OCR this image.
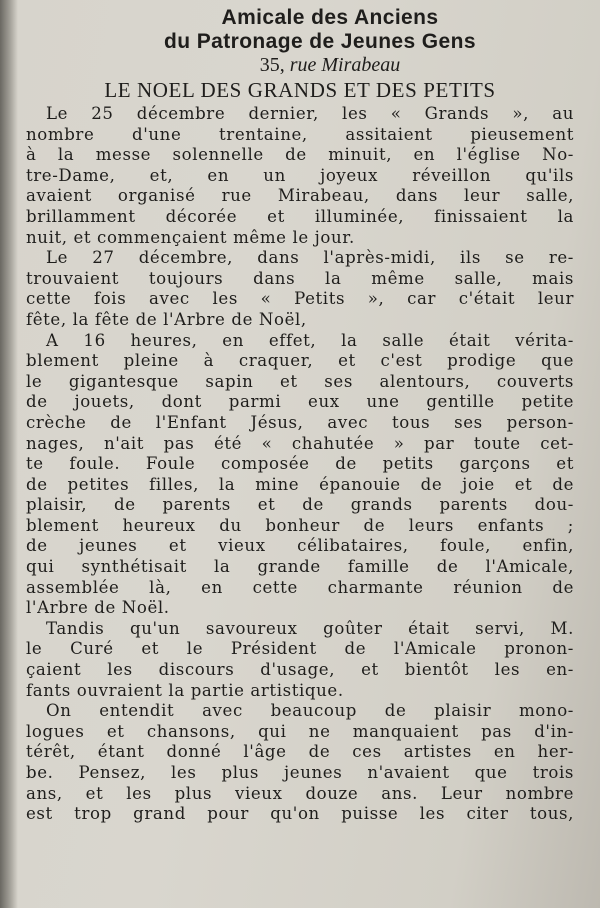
Amicale des Anciens

du Patronage de Jeunes Gens

35, rue Mirabeau

LE NOEL DES GRANDS ET DES PETITS

Le 25 décembre dernier, les « Grands », au
nombre d'une trentaine, assitaient pieusement
à la messe solennelle de minuit, en l'église No-
tre-Dame, et, en un joyeux réveillon qu'ils
avaient organisé rue Mirabeau, dans leur salle,
brillamment décorée et illuminée, finissaient la
nuit, et commençaient même le jour.
Le 27 décembre, dans l'après-midi, ils se re-
trouvaient toujours dans la même salle, mais
cette fois avec les « Petits », car c'était leur
fête, la fête de l'Arbre de Noël,
A 16 heures, en effet, la salle était vérita-
blement pleine à craquer, et c'est prodige que
le gigantesque sapin et ses alentours, couverts
de jouets, dont parmi eux une gentille petite
crèche de l'Enfant Jésus, avec tous ses person-
nages, n'ait pas été « chahutée » par toute cet-
te foule. Foule composée de petits garçons et
de petites filles, la mine épanouie de joie et de
plaisir, de parents et de grands parents dou-
blement heureux du bonheur de leurs enfants ;
de jeunes et vieux célibataires, foule, enfin,
qui synthétisait la grande famille de l'Amicale,
assemblée là, en cette charmante réunion de
l'Arbre de Noël.
Tandis qu'un savoureux goûter était servi, M.
le Curé et le Président de l'Amicale pronon-
çaient les discours d'usage, et bientôt les en-
fants ouvraient la partie artistique.
On entendit avec beaucoup de plaisir mono-
logues et chansons, qui ne manquaient pas d'in-
térêt, étant donné l'âge de ces artistes en her-
be. Pensez, les plus jeunes n'avaient que trois
ans, et les plus vieux douze ans. Leur nombre
est trop grand pour qu'on puisse les citer tous,
